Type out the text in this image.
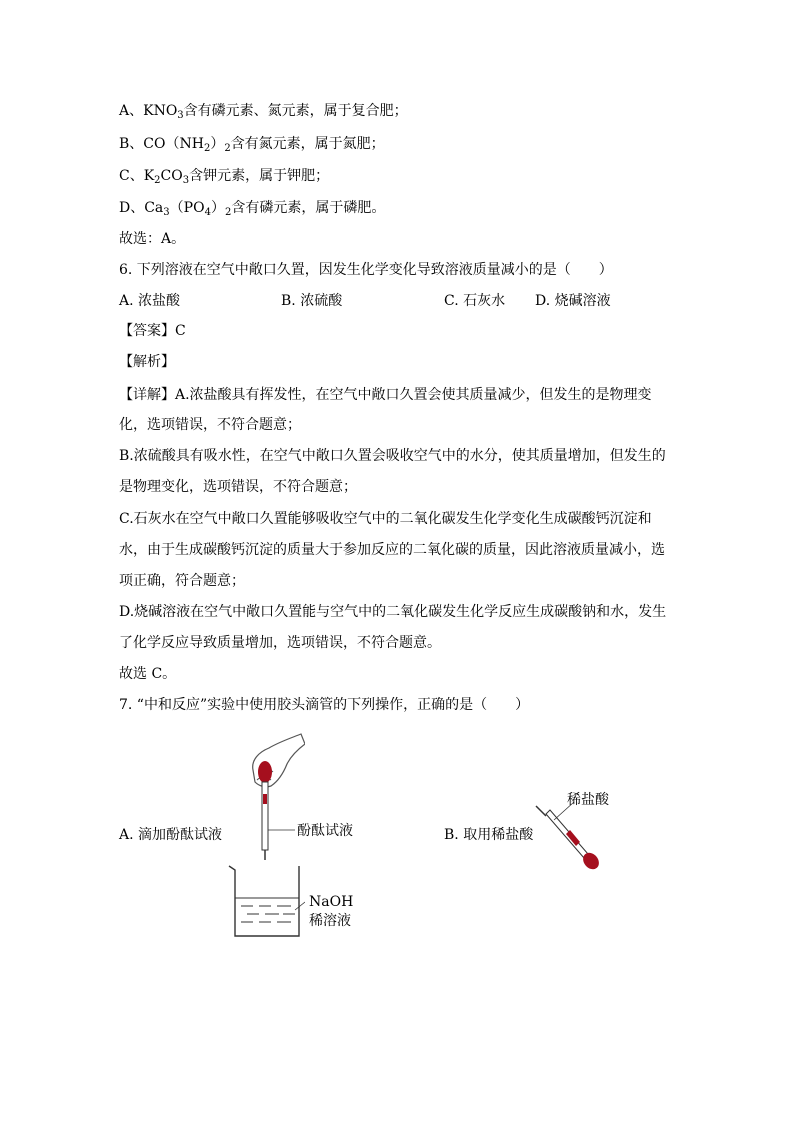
A、$KNO_3$含有磷元素、氮元素，属于复合肥；
B、$CO(NH_2)_2$含有氮元素，属于氮肥；
C、$K_2CO_3$含钾元素，属于钾肥；
D、$Ca_3(PO_4)_2$含有磷元素，属于磷肥。
故选：A。
6. 下列溶液在空气中敞口久置，因发生化学变化导致溶液质量减小的是（　　）
A. 浓盐酸	B. 浓硫酸	C. 石灰水 D. 烧碱溶液
【答案】C
【解析】
【详解】A.浓盐酸具有挥发性，在空气中敞口久置会使其质量减少，但发生的是物理变
化，选项错误，不符合题意；
B.浓硫酸具有吸水性，在空气中敞口久置会吸收空气中的水分，使其质量增加，但发生的
是物理变化，选项错误，不符合题意；
C.石灰水在空气中敞口久置能够吸收空气中的二氧化碳发生化学变化生成碳酸钙沉淀和
水，由于生成碳酸钙沉淀的质量大于参加反应的二氧化碳的质量，因此溶液质量减小，选
项正确，符合题意；
D.烧碱溶液在空气中敞口久置能与空气中的二氧化碳发生化学反应生成碳酸钠和水，发生
了化学反应导致质量增加，选项错误，不符合题意。
故选 C。
7. “中和反应”实验中使用胶头滴管的下列操作，正确的是（　　）
A. 滴加酚酞试液	B. 取用稀盐酸
酚酞试液
NaOH
稀溶液
稀盐酸
